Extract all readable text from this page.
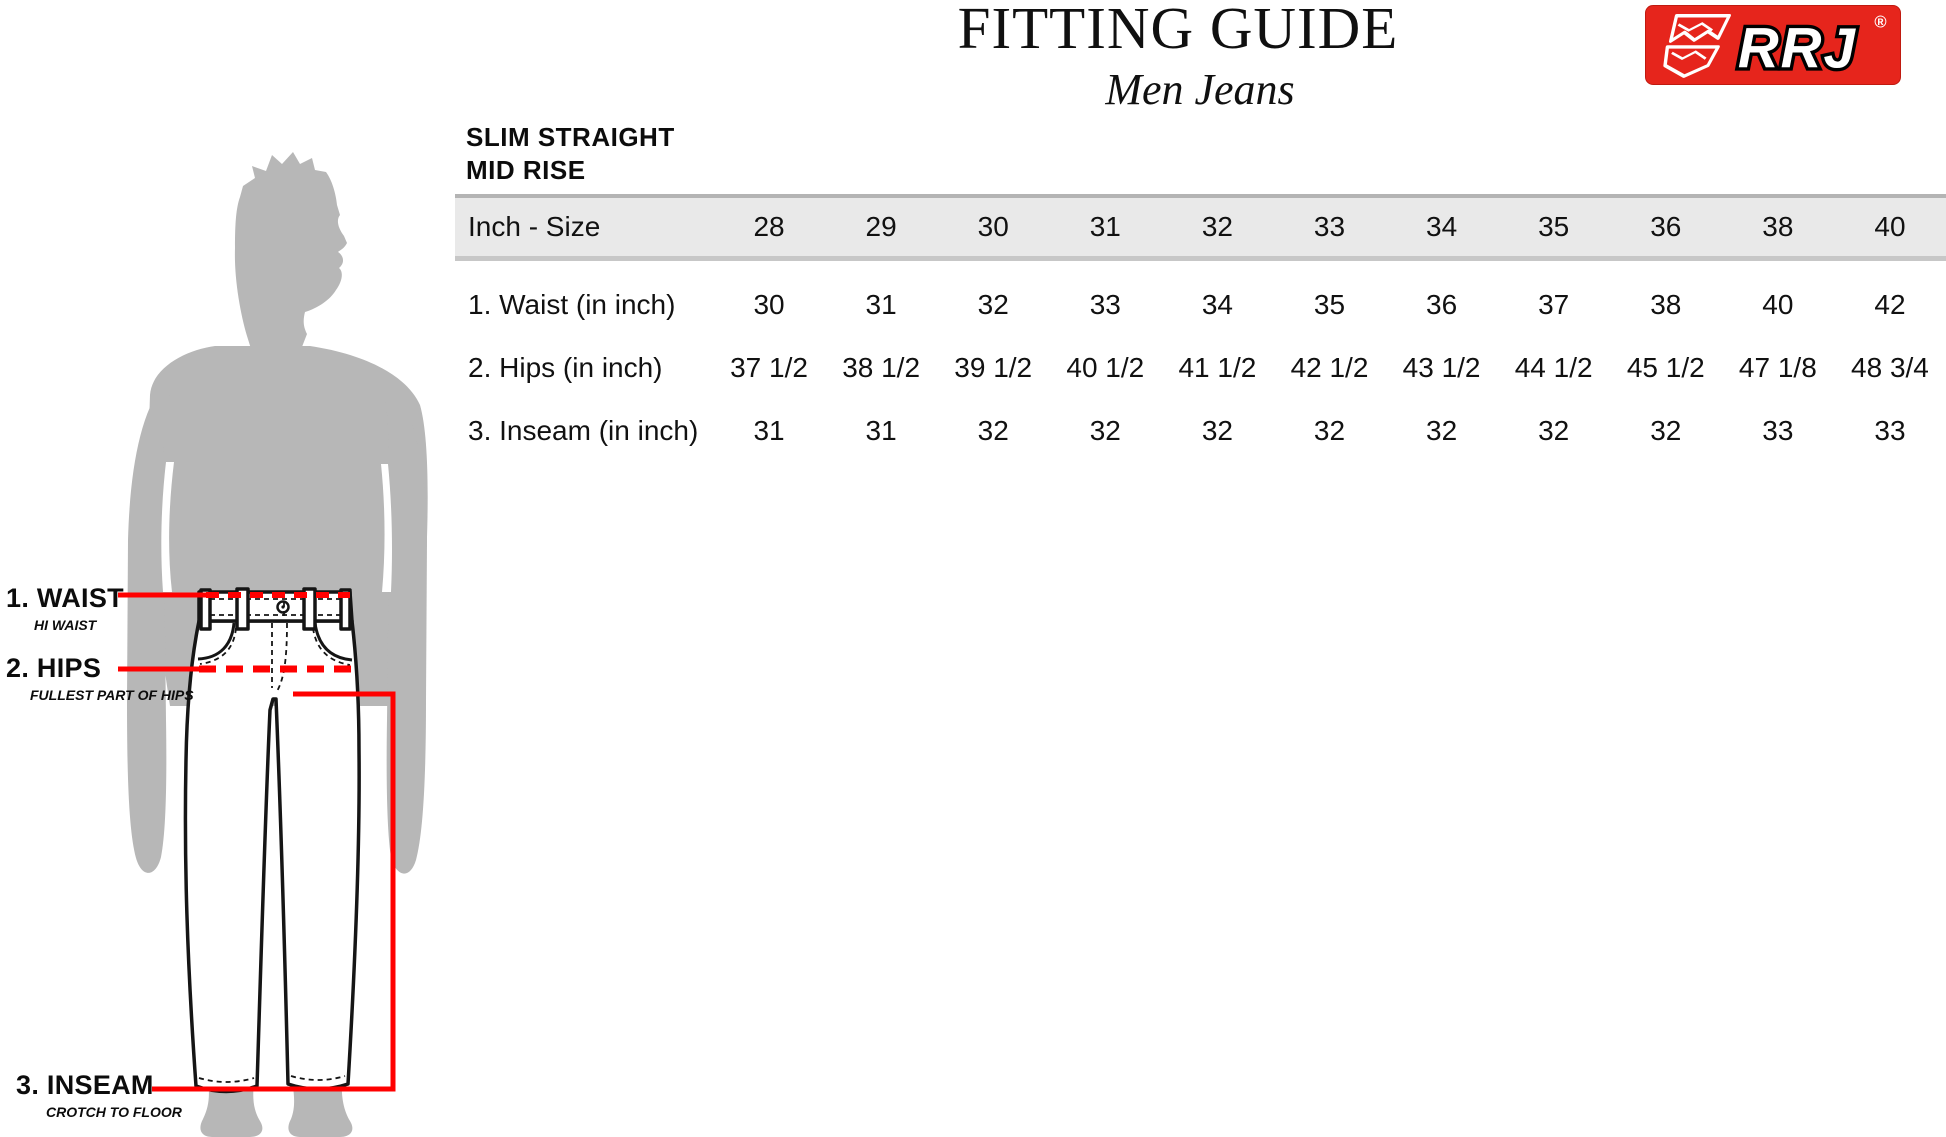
FITTING GUIDE
Men Jeans
RRJ ®
SLIM STRAIGHT
MID RISE
Inch - Size	28	29	30	31	32	33	34	35	36	38	40
1. Waist (in inch)	30	31	32	33	34	35	36	37	38	40	42
2. Hips (in inch)	37 1/2	38 1/2	39 1/2	40 1/2	41 1/2	42 1/2	43 1/2	44 1/2	45 1/2	47 1/8	48 3/4
3. Inseam (in inch)	31	31	32	32	32	32	32	32	32	33	33
1. WAIST
HI WAIST
2. HIPS
FULLEST PART OF HIPS
3. INSEAM
CROTCH TO FLOOR
